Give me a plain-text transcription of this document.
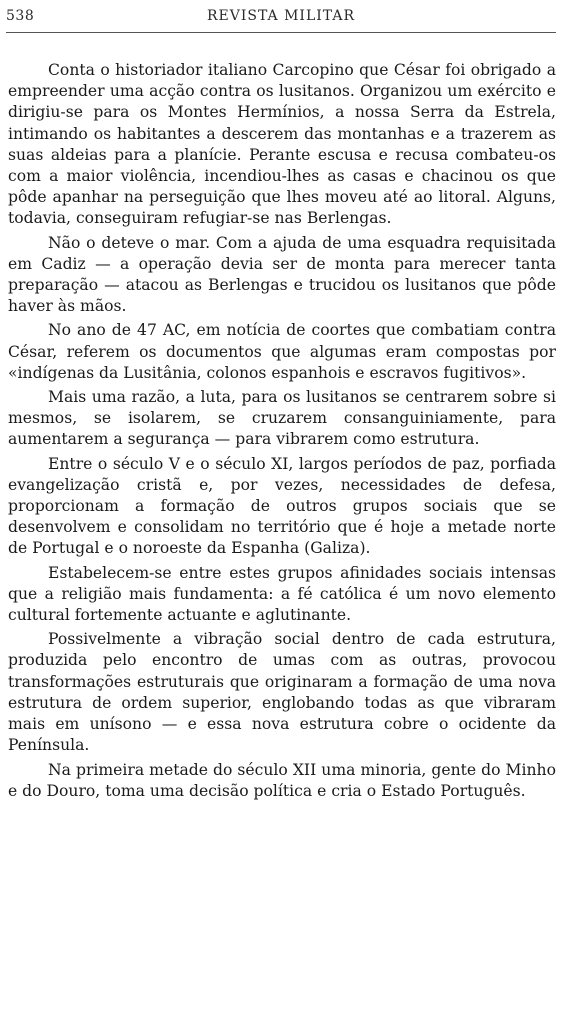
538	REVISTA MILITAR

Conta o historiador italiano Carcopino que César foi obrigado a empreender uma acção contra os lusitanos. Organizou um exército e dirigiu-se para os Montes Hermínios, a nossa Serra da Estrela, intimando os habitantes a descerem das montanhas e a trazerem as suas aldeias para a planície. Perante escusa e recusa combateu-os com a maior violência, incendiou-lhes as casas e chacinou os que pôde apanhar na perseguição que lhes moveu até ao litoral. Alguns, todavia, conseguiram refugiar-se nas Berlengas.

Não o deteve o mar. Com a ajuda de uma esquadra requisitada em Cadiz — a operação devia ser de monta para merecer tanta preparação — atacou as Berlengas e trucidou os lusitanos que pôde haver às mãos.

No ano de 47 AC, em notícia de coortes que combatiam contra César, referem os documentos que algumas eram compostas por «indígenas da Lusitânia, colonos espanhois e escravos fugitivos».

Mais uma razão, a luta, para os lusitanos se centrarem sobre si mesmos, se isolarem, se cruzarem consanguiniamente, para aumentarem a segurança — para vibrarem como estrutura.

Entre o século V e o século XI, largos períodos de paz, porfiada evangelização cristã e, por vezes, necessidades de defesa, proporcionam a formação de outros grupos sociais que se desenvolvem e consolidam no território que é hoje a metade norte de Portugal e o noroeste da Espanha (Galiza).

Estabelecem-se entre estes grupos afinidades sociais intensas que a religião mais fundamenta: a fé católica é um novo elemento cultural fortemente actuante e aglutinante.

Possivelmente a vibração social dentro de cada estrutura, produzida pelo encontro de umas com as outras, provocou transformações estruturais que originaram a formação de uma nova estrutura de ordem superior, englobando todas as que vibraram mais em unísono — e essa nova estrutura cobre o ocidente da Península.

Na primeira metade do século XII uma minoria, gente do Minho e do Douro, toma uma decisão política e cria o Estado Português.
